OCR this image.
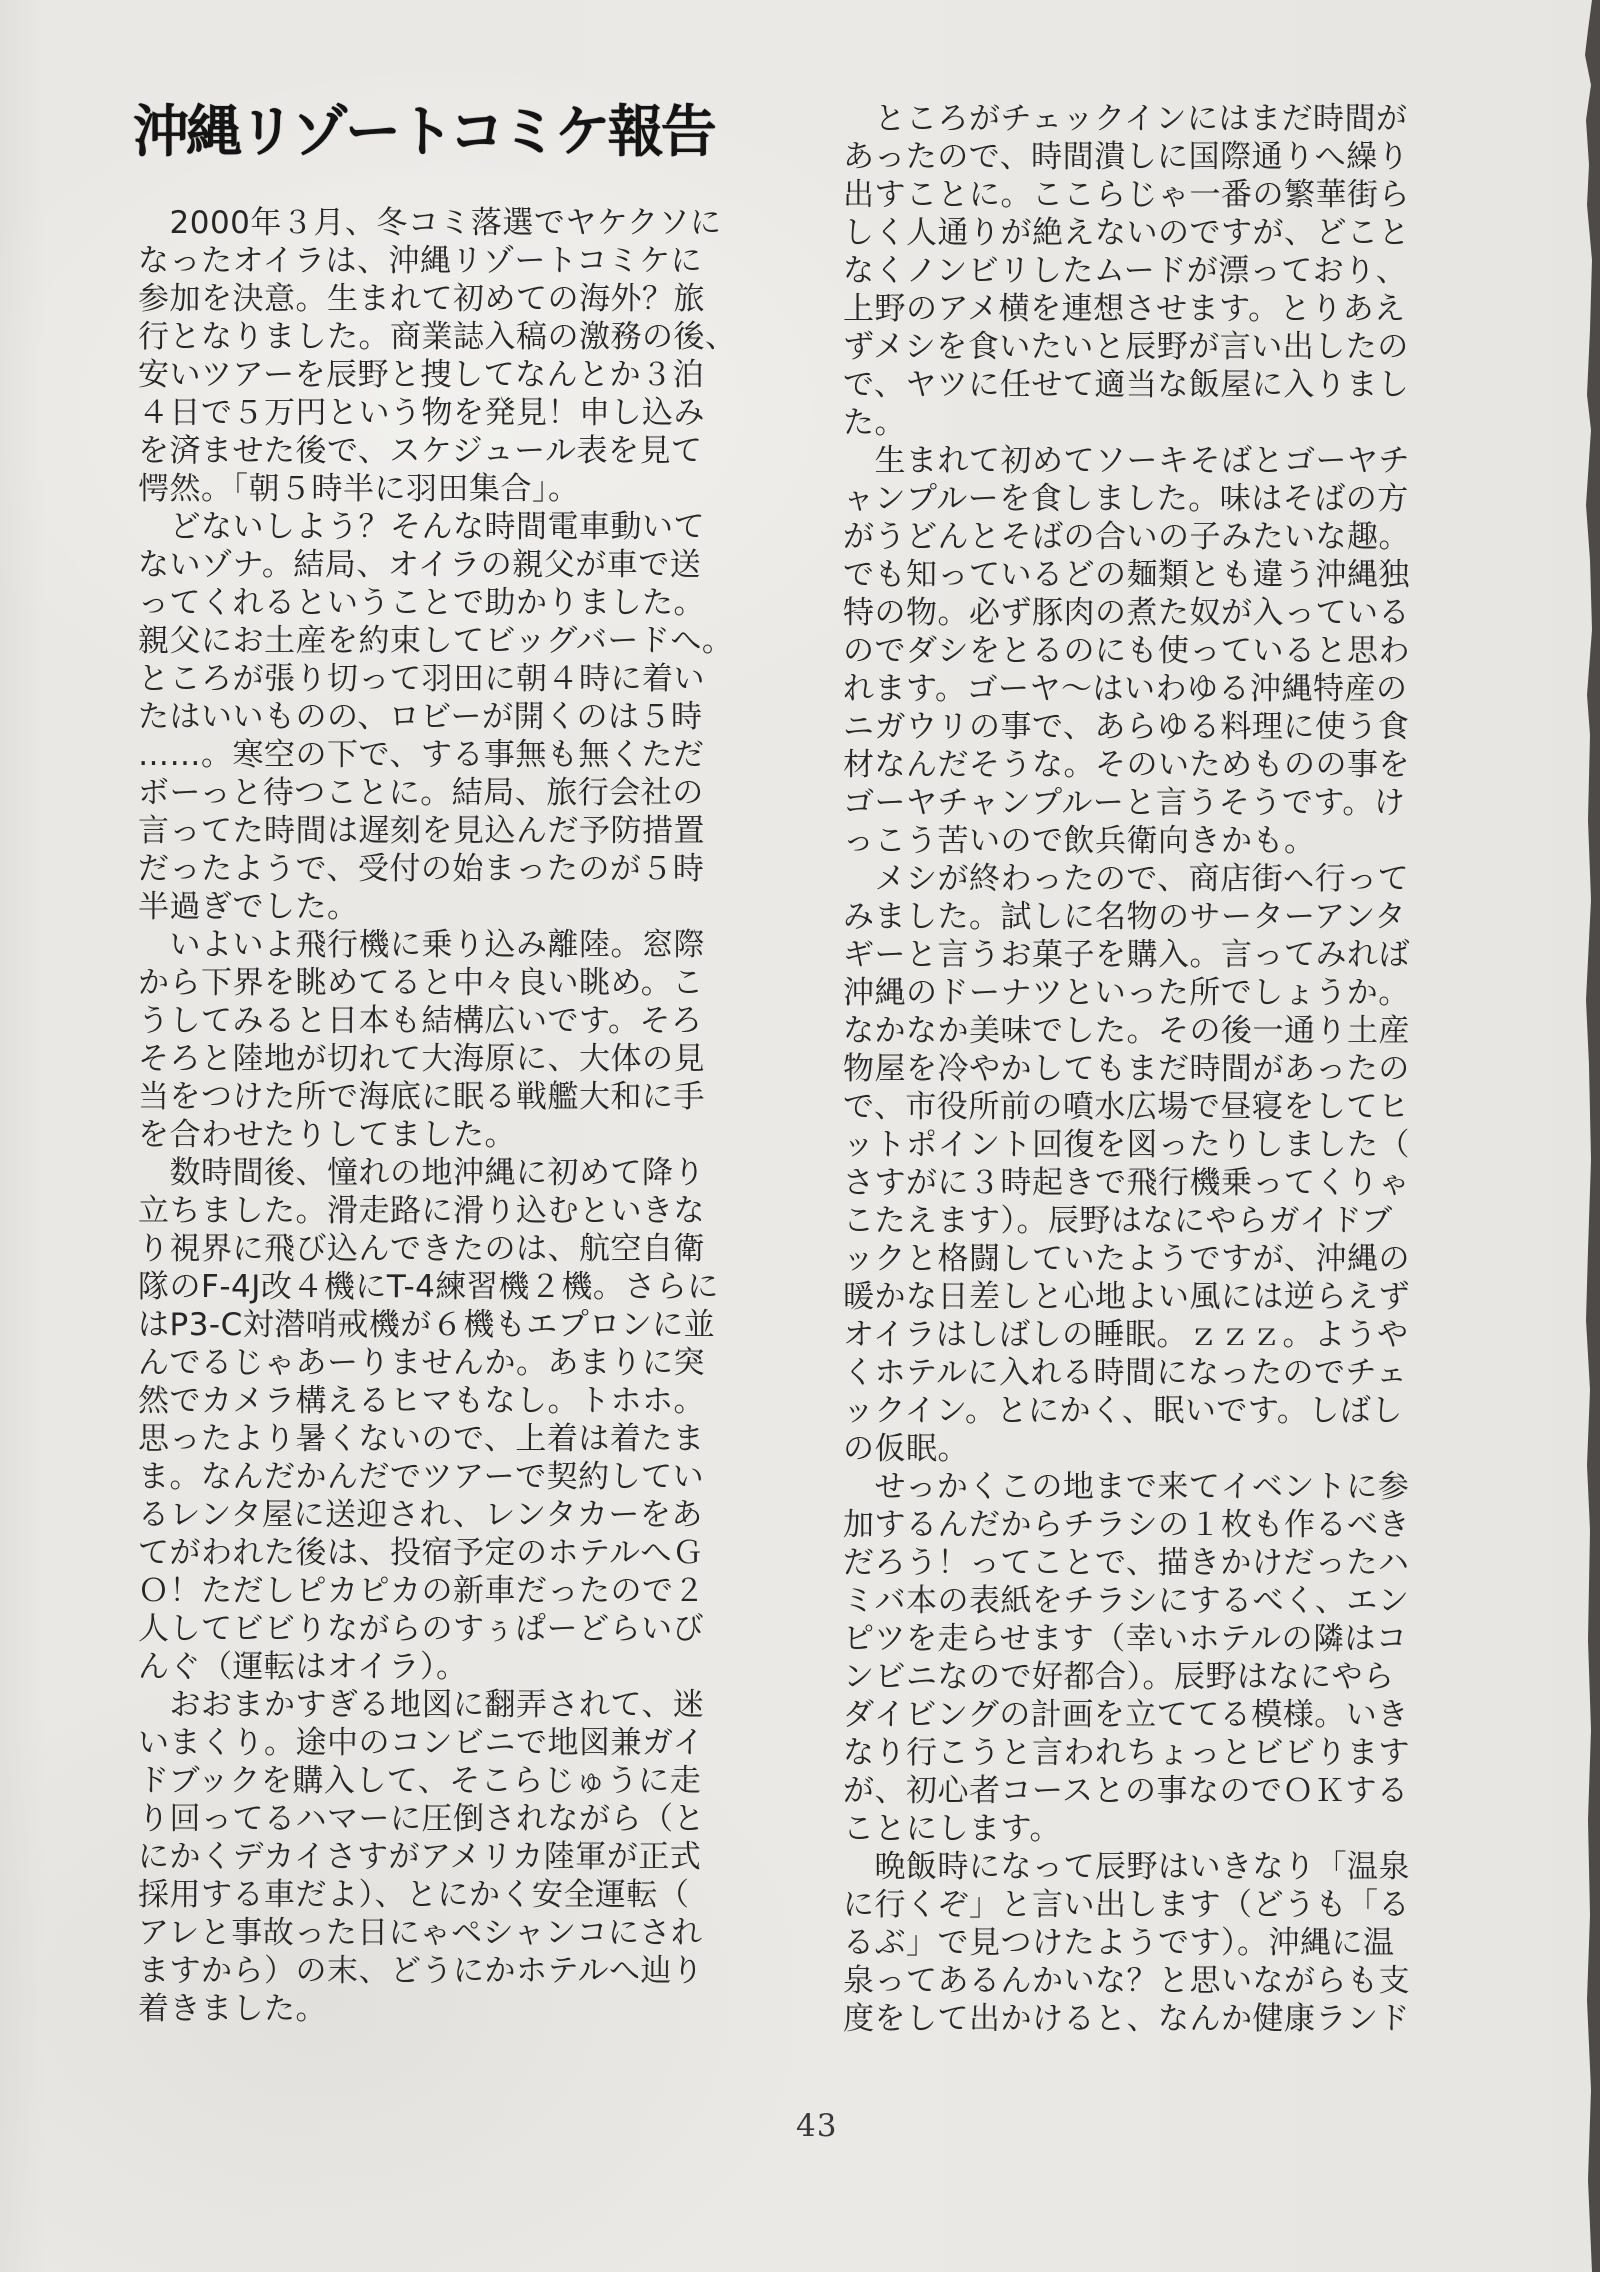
沖縄リゾートコミケ報告
　2000年３月、冬コミ落選でヤケクソに
なったオイラは、沖縄リゾートコミケに
参加を決意。生まれて初めての海外？旅
行となりました。商業誌入稿の激務の後、
安いツアーを辰野と捜してなんとか３泊
４日で５万円という物を発見！申し込み
を済ませた後で、スケジュール表を見て
愕然。「朝５時半に羽田集合」。
　どないしよう？そんな時間電車動いて
ないゾナ。結局、オイラの親父が車で送
ってくれるということで助かりました。
親父にお土産を約束してビッグバードへ。
ところが張り切って羽田に朝４時に着い
たはいいものの、ロビーが開くのは５時
……。寒空の下で、する事無も無くただ
ボーっと待つことに。結局、旅行会社の
言ってた時間は遅刻を見込んだ予防措置
だったようで、受付の始まったのが５時
半過ぎでした。
　いよいよ飛行機に乗り込み離陸。窓際
から下界を眺めてると中々良い眺め。こ
うしてみると日本も結構広いです。そろ
そろと陸地が切れて大海原に、大体の見
当をつけた所で海底に眠る戦艦大和に手
を合わせたりしてました。
　数時間後、憧れの地沖縄に初めて降り
立ちました。滑走路に滑り込むといきな
り視界に飛び込んできたのは、航空自衛
隊のF-4J改４機にT-4練習機２機。さらに
はP3-C対潜哨戒機が６機もエプロンに並
んでるじゃあーりませんか。あまりに突
然でカメラ構えるヒマもなし。トホホ。
思ったより暑くないので、上着は着たま
ま。なんだかんだでツアーで契約してい
るレンタ屋に送迎され、レンタカーをあ
てがわれた後は、投宿予定のホテルへＧ
Ｏ！ただしピカピカの新車だったので２
人してビビりながらのすぅぱーどらいび
んぐ（運転はオイラ）。
　おおまかすぎる地図に翻弄されて、迷
いまくり。途中のコンビニで地図兼ガイ
ドブックを購入して、そこらじゅうに走
り回ってるハマーに圧倒されながら（と
にかくデカイさすがアメリカ陸軍が正式
採用する車だよ）、とにかく安全運転（
アレと事故った日にゃペシャンコにされ
ますから）の末、どうにかホテルへ辿り
着きました。
　ところがチェックインにはまだ時間が
あったので、時間潰しに国際通りへ繰り
出すことに。ここらじゃ一番の繁華街ら
しく人通りが絶えないのですが、どこと
なくノンビリしたムードが漂っており、
上野のアメ横を連想させます。とりあえ
ずメシを食いたいと辰野が言い出したの
で、ヤツに任せて適当な飯屋に入りまし
た。
　生まれて初めてソーキそばとゴーヤチ
ャンプルーを食しました。味はそばの方
がうどんとそばの合いの子みたいな趣。
でも知っているどの麺類とも違う沖縄独
特の物。必ず豚肉の煮た奴が入っている
のでダシをとるのにも使っていると思わ
れます。ゴーヤ〜はいわゆる沖縄特産の
ニガウリの事で、あらゆる料理に使う食
材なんだそうな。そのいためものの事を
ゴーヤチャンプルーと言うそうです。け
っこう苦いので飲兵衛向きかも。
　メシが終わったので、商店街へ行って
みました。試しに名物のサーターアンタ
ギーと言うお菓子を購入。言ってみれば
沖縄のドーナツといった所でしょうか。
なかなか美味でした。その後一通り土産
物屋を冷やかしてもまだ時間があったの
で、市役所前の噴水広場で昼寝をしてヒ
ットポイント回復を図ったりしました（
さすがに３時起きで飛行機乗ってくりゃ
こたえます）。辰野はなにやらガイドブ
ックと格闘していたようですが、沖縄の
暖かな日差しと心地よい風には逆らえず
オイラはしばしの睡眠。ｚｚｚ。ようや
くホテルに入れる時間になったのでチェ
ックイン。とにかく、眠いです。しばし
の仮眠。
　せっかくこの地まで来てイベントに参
加するんだからチラシの１枚も作るべき
だろう！ってことで、描きかけだったハ
ミバ本の表紙をチラシにするべく、エン
ピツを走らせます（幸いホテルの隣はコ
ンビニなので好都合）。辰野はなにやら
ダイビングの計画を立ててる模様。いき
なり行こうと言われちょっとビビります
が、初心者コースとの事なのでＯＫする
ことにします。
　晩飯時になって辰野はいきなり「温泉
に行くぞ」と言い出します（どうも「る
るぶ」で見つけたようです）。沖縄に温
泉ってあるんかいな？と思いながらも支
度をして出かけると、なんか健康ランド
43
